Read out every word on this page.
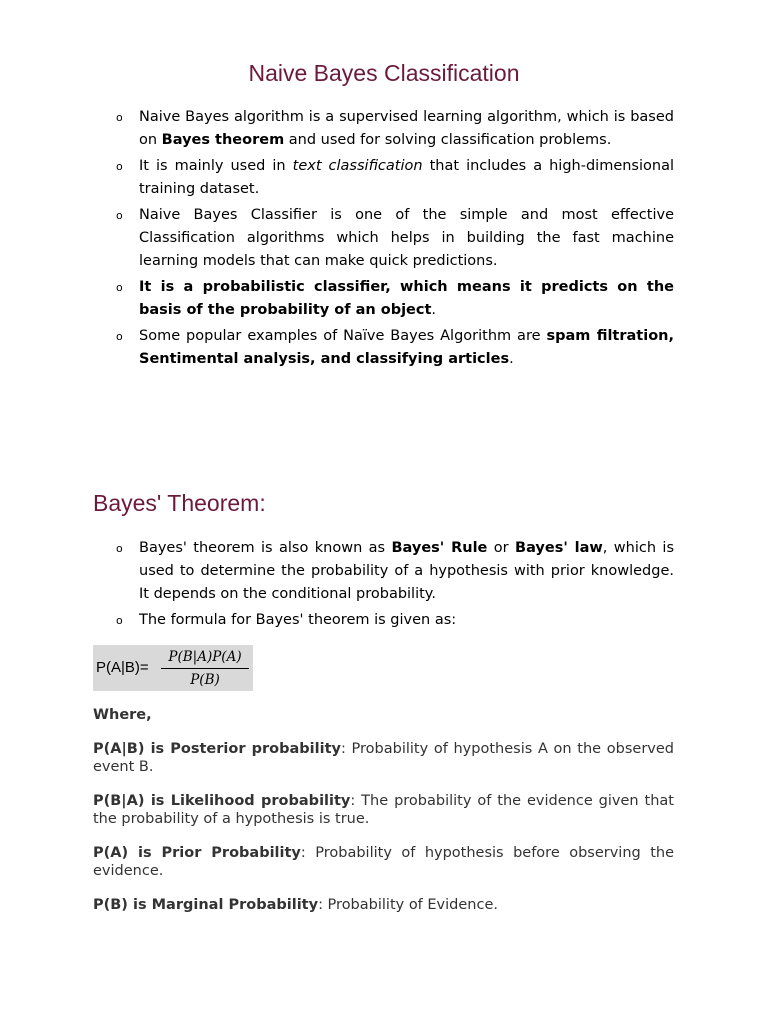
Naive Bayes Classification
o Naive Bayes algorithm is a supervised learning algorithm, which is based on Bayes theorem and used for solving classification problems.
o It is mainly used in text classification that includes a high-dimensional training dataset.
o Naive Bayes Classifier is one of the simple and most effective Classification algorithms which helps in building the fast machine learning models that can make quick predictions.
o It is a probabilistic classifier, which means it predicts on the basis of the probability of an object.
o Some popular examples of Naïve Bayes Algorithm are spam filtration, Sentimental analysis, and classifying articles.
Bayes' Theorem:
o Bayes' theorem is also known as Bayes' Rule or Bayes' law, which is used to determine the probability of a hypothesis with prior knowledge. It depends on the conditional probability.
o The formula for Bayes' theorem is given as:
P(A|B)=
P(B|A)P(A)
P(B)

Where,

P(A|B) is Posterior probability: Probability of hypothesis A on the observed event B.

P(B|A) is Likelihood probability: The probability of the evidence given that the probability of a hypothesis is true.

P(A) is Prior Probability: Probability of hypothesis before observing the evidence.

P(B) is Marginal Probability: Probability of Evidence.
